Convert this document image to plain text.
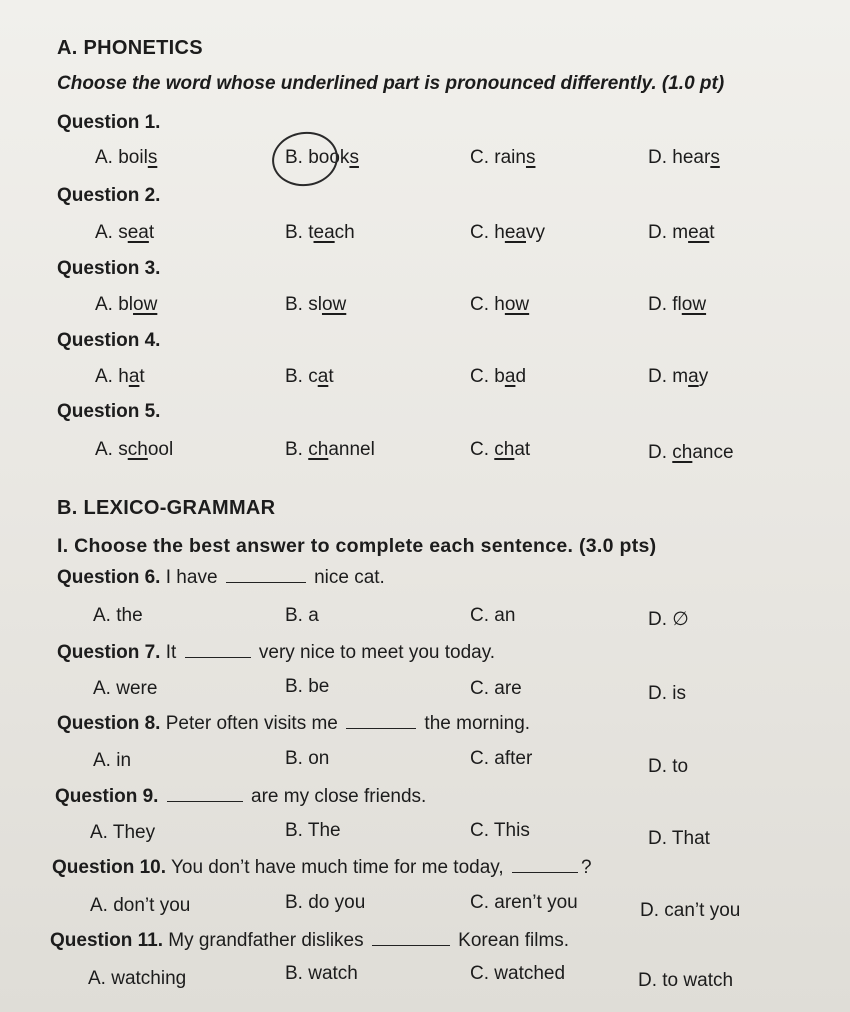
A. PHONETICS
Choose the word whose underlined part is pronounced differently. (1.0 pt)
Question 1.
A. boils	B. books	C. rains	D. hears
Question 2.
A. seat	B. teach	C. heavy	D. meat
Question 3.
A. blow	B. slow	C. how	D. flow
Question 4.
A. hat	B. cat	C. bad	D. may
Question 5.
A. school	B. channel	C. chat	D. chance
B. LEXICO-GRAMMAR
I. Choose the best answer to complete each sentence. (3.0 pts)
Question 6. I have	nice cat.
A. the	B. a	C. an	D. ∅
Question 7. It	very nice to meet you today.
A. were	B. be	C. are	D. is
Question 8. Peter often visits me	the morning.
A. in	B. on	C. after	D. to
Question 9.	are my close friends.
A. They	B. The	C. This	D. That
Question 10. You don’t have much time for me today,	?
A. don’t you	B. do you	C. aren’t you	D. can’t you
Question 11. My grandfather dislikes	Korean films.
A. watching	B. watch	C. watched	D. to watch
